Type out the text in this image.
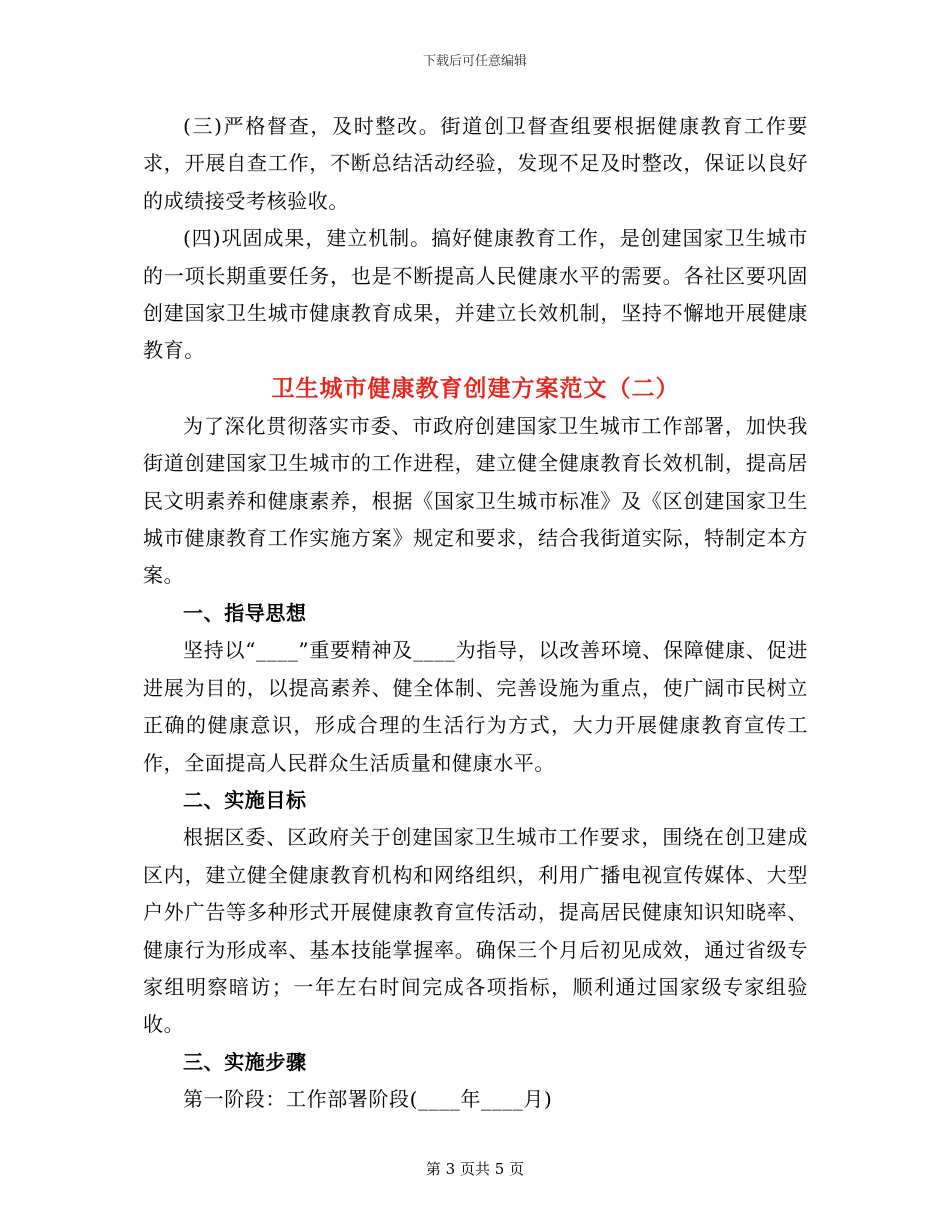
下载后可任意编辑

(三)严格督查，及时整改。街道创卫督查组要根据健康教育工作要求，开展自查工作，不断总结活动经验，发现不足及时整改，保证以良好的成绩接受考核验收。

(四)巩固成果，建立机制。搞好健康教育工作，是创建国家卫生城市的一项长期重要任务，也是不断提高人民健康水平的需要。各社区要巩固创建国家卫生城市健康教育成果，并建立长效机制，坚持不懈地开展健康教育。

卫生城市健康教育创建方案范文（二）

为了深化贯彻落实市委、市政府创建国家卫生城市工作部署，加快我街道创建国家卫生城市的工作进程，建立健全健康教育长效机制，提高居民文明素养和健康素养，根据《国家卫生城市标准》及《区创建国家卫生城市健康教育工作实施方案》规定和要求，结合我街道实际，特制定本方案。

一、指导思想

坚持以“____”重要精神及____为指导，以改善环境、保障健康、促进进展为目的，以提高素养、健全体制、完善设施为重点，使广阔市民树立正确的健康意识，形成合理的生活行为方式，大力开展健康教育宣传工作，全面提高人民群众生活质量和健康水平。

二、实施目标

根据区委、区政府关于创建国家卫生城市工作要求，围绕在创卫建成区内，建立健全健康教育机构和网络组织，利用广播电视宣传媒体、大型户外广告等多种形式开展健康教育宣传活动，提高居民健康知识知晓率、健康行为形成率、基本技能掌握率。确保三个月后初见成效，通过省级专家组明察暗访；一年左右时间完成各项指标，顺利通过国家级专家组验收。

三、实施步骤

第一阶段：工作部署阶段(____年____月)

第 3 页共 5 页
